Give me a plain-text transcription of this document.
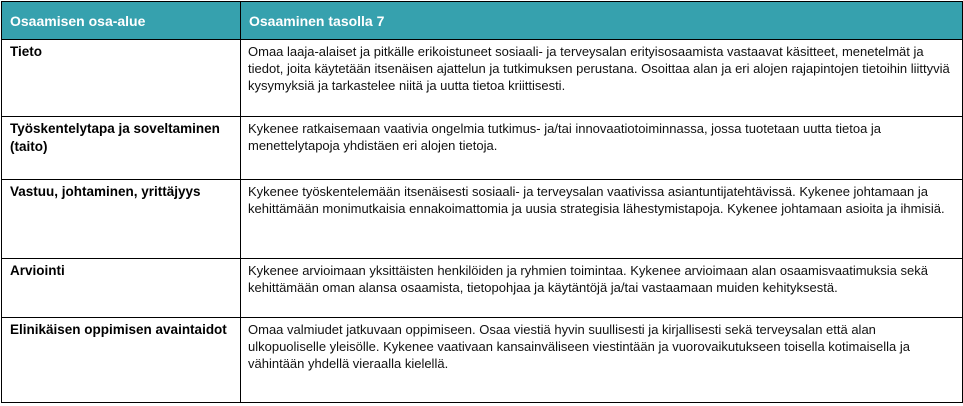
Osaamisen osa-alue	Osaaminen tasolla 7
Tieto	Omaa laaja-alaiset ja pitkälle erikoistuneet sosiaali- ja terveysalan erityisosaamista vastaavat käsitteet, menetelmät ja tiedot, joita käytetään itsenäisen ajattelun ja tutkimuksen perustana. Osoittaa alan ja eri alojen rajapintojen tietoihin liittyviä kysymyksiä ja tarkastelee niitä ja uutta tietoa kriittisesti.
Työskentelytapa ja soveltaminen (taito)	Kykenee ratkaisemaan vaativia ongelmia tutkimus- ja/tai innovaatiotoiminnassa, jossa tuotetaan uutta tietoa ja menettelytapoja yhdistäen eri alojen tietoja.
Vastuu, johtaminen, yrittäjyys	Kykenee työskentelemään itsenäisesti sosiaali- ja terveysalan vaativissa asiantuntijatehtävissä. Kykenee johtamaan ja kehittämään monimutkaisia ennakoimattomia ja uusia strategisia lähestymistapoja. Kykenee johtamaan asioita ja ihmisiä.
Arviointi	Kykenee arvioimaan yksittäisten henkilöiden ja ryhmien toimintaa. Kykenee arvioimaan alan osaamisvaatimuksia sekä kehittämään oman alansa osaamista, tietopohjaa ja käytäntöjä ja/tai vastaamaan muiden kehityksestä.
Elinikäisen oppimisen avaintaidot	Omaa valmiudet jatkuvaan oppimiseen. Osaa viestiä hyvin suullisesti ja kirjallisesti sekä terveysalan että alan ulkopuoliselle yleisölle. Kykenee vaativaan kansainväliseen viestintään ja vuorovaikutukseen toisella kotimaisella ja vähintään yhdellä vieraalla kielellä.
